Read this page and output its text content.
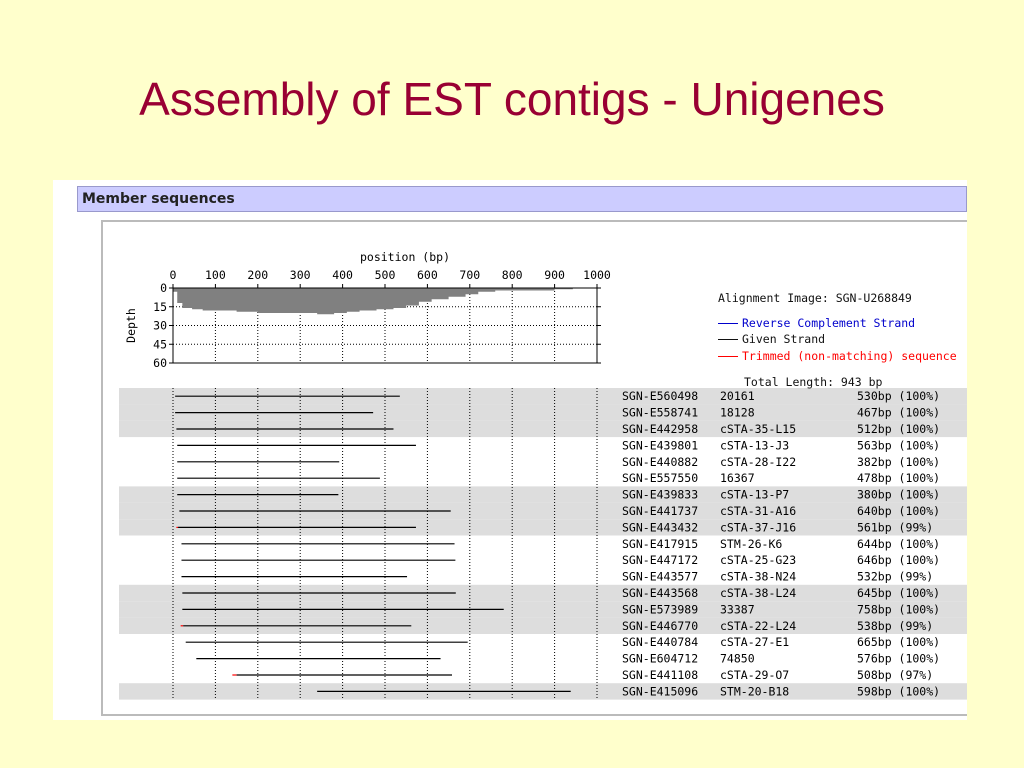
Assembly of EST contigs - Unigenes
Member sequences
0 100 200 300 400 500 600 700 800 900 1000
0
15
30
45
60
position (bp)
Depth
SGN-E560498 20161	530bp (100%)
SGN-E558741 18128	467bp (100%)
SGN-E442958 cSTA-35-L15	512bp (100%)
SGN-E439801 cSTA-13-J3	563bp (100%)
SGN-E440882 cSTA-28-I22	382bp (100%)
SGN-E557550 16367	478bp (100%)
SGN-E439833 cSTA-13-P7	380bp (100%)
SGN-E441737 cSTA-31-A16	640bp (100%)
SGN-E443432 cSTA-37-J16	561bp (99%)
SGN-E417915 STM-26-K6	644bp (100%)
SGN-E447172 cSTA-25-G23	646bp (100%)
SGN-E443577 cSTA-38-N24	532bp (99%)
SGN-E443568 cSTA-38-L24	645bp (100%)
SGN-E573989 33387	758bp (100%)
SGN-E446770 cSTA-22-L24	538bp (99%)
SGN-E440784 cSTA-27-E1	665bp (100%)
SGN-E604712 74850	576bp (100%)
SGN-E441108 cSTA-29-O7	508bp (97%)
SGN-E415096 STM-20-B18	598bp (100%)
Alignment Image: SGN-U268849
Reverse Complement Strand
Given Strand
Trimmed (non-matching) sequence
Total Length: 943 bp
